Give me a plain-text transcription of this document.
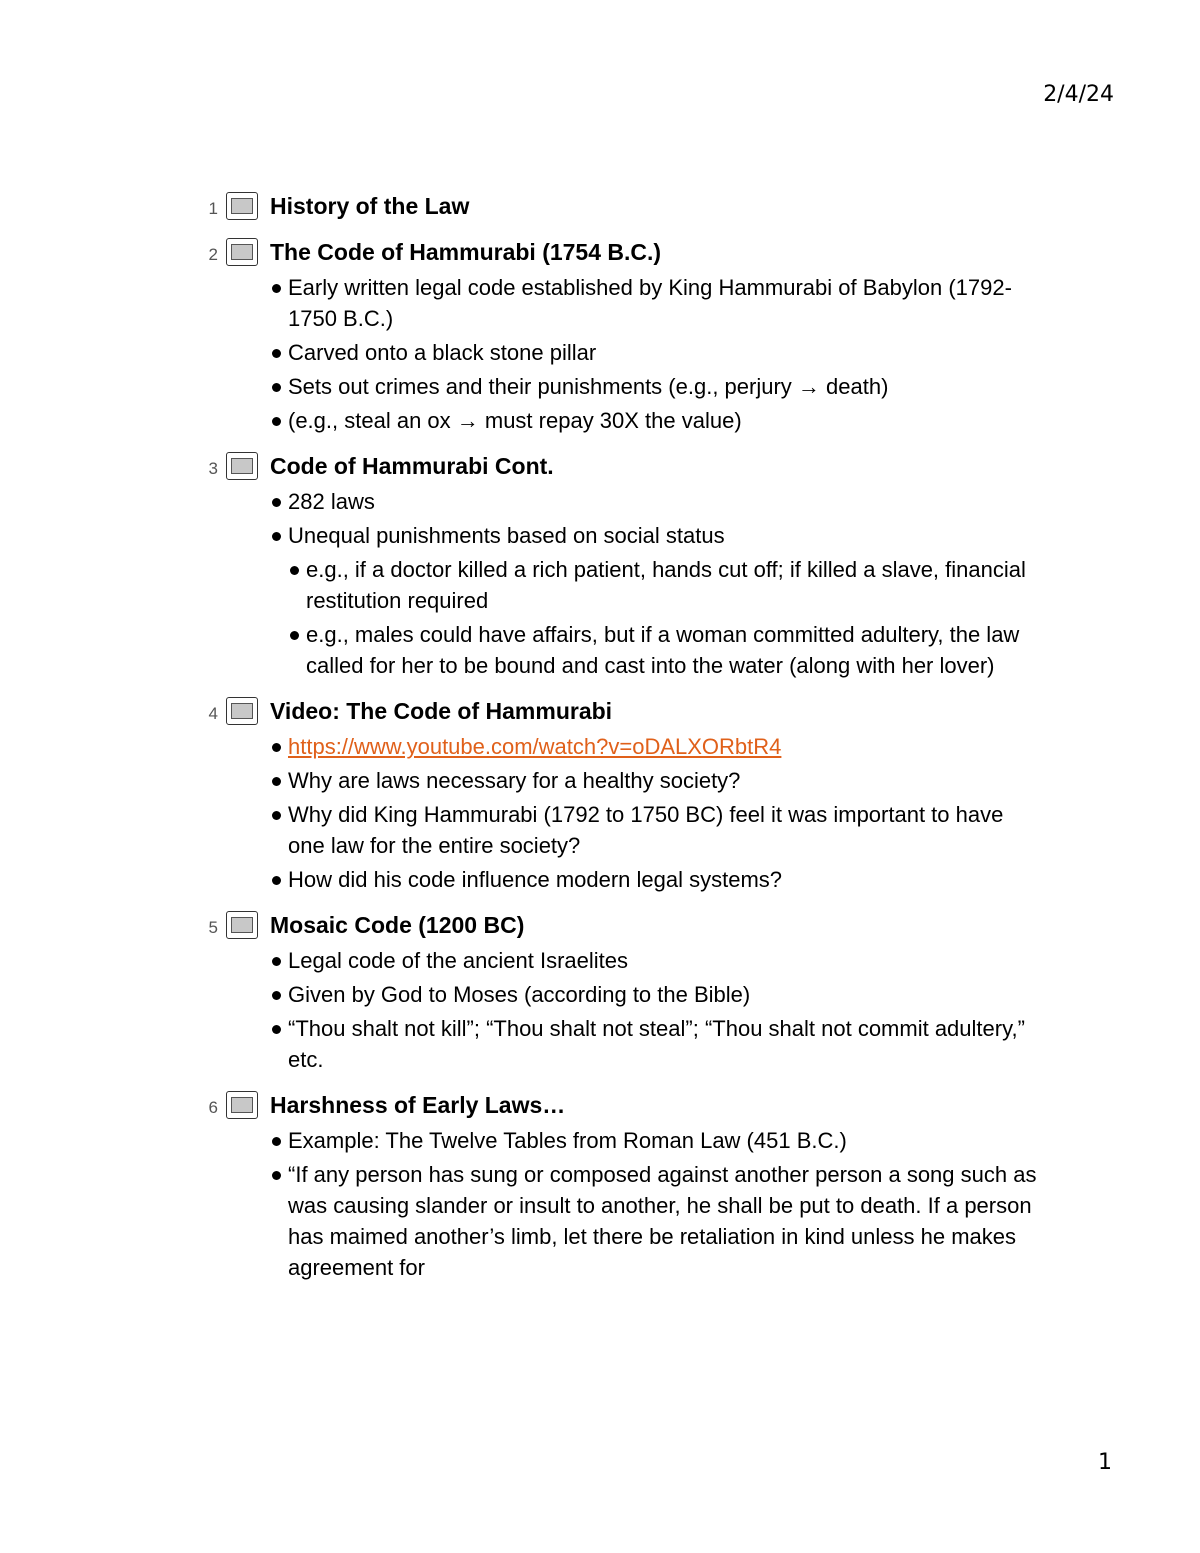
2/4/24
1 History of the Law
2 The Code of Hammurabi (1754 B.C.)
Early written legal code established by King Hammurabi of Babylon (1792-1750 B.C.)
Carved onto a black stone pillar
Sets out crimes and their punishments (e.g., perjury → death)
(e.g., steal an ox → must repay 30X the value)
3 Code of Hammurabi Cont.
282 laws
Unequal punishments based on social status
e.g., if a doctor killed a rich patient, hands cut off; if killed a slave, financial restitution required
e.g., males could have affairs, but if a woman committed adultery, the law called for her to be bound and cast into the water (along with her lover)
4 Video: The Code of Hammurabi
https://www.youtube.com/watch?v=oDALXORbtR4
Why are laws necessary for a healthy society?
Why did King Hammurabi (1792 to 1750 BC) feel it was important to have one law for the entire society?
How did his code influence modern legal systems?
5 Mosaic Code (1200 BC)
Legal code of the ancient Israelites
Given by God to Moses (according to the Bible)
“Thou shalt not kill”; “Thou shalt not steal”; “Thou shalt not commit adultery,” etc.
6 Harshness of Early Laws…
Example: The Twelve Tables from Roman Law (451 B.C.)
“If any person has sung or composed against another person a song such as was causing slander or insult to another, he shall be put to death. If a person has maimed another’s limb, let there be retaliation in kind unless he makes agreement for
1
